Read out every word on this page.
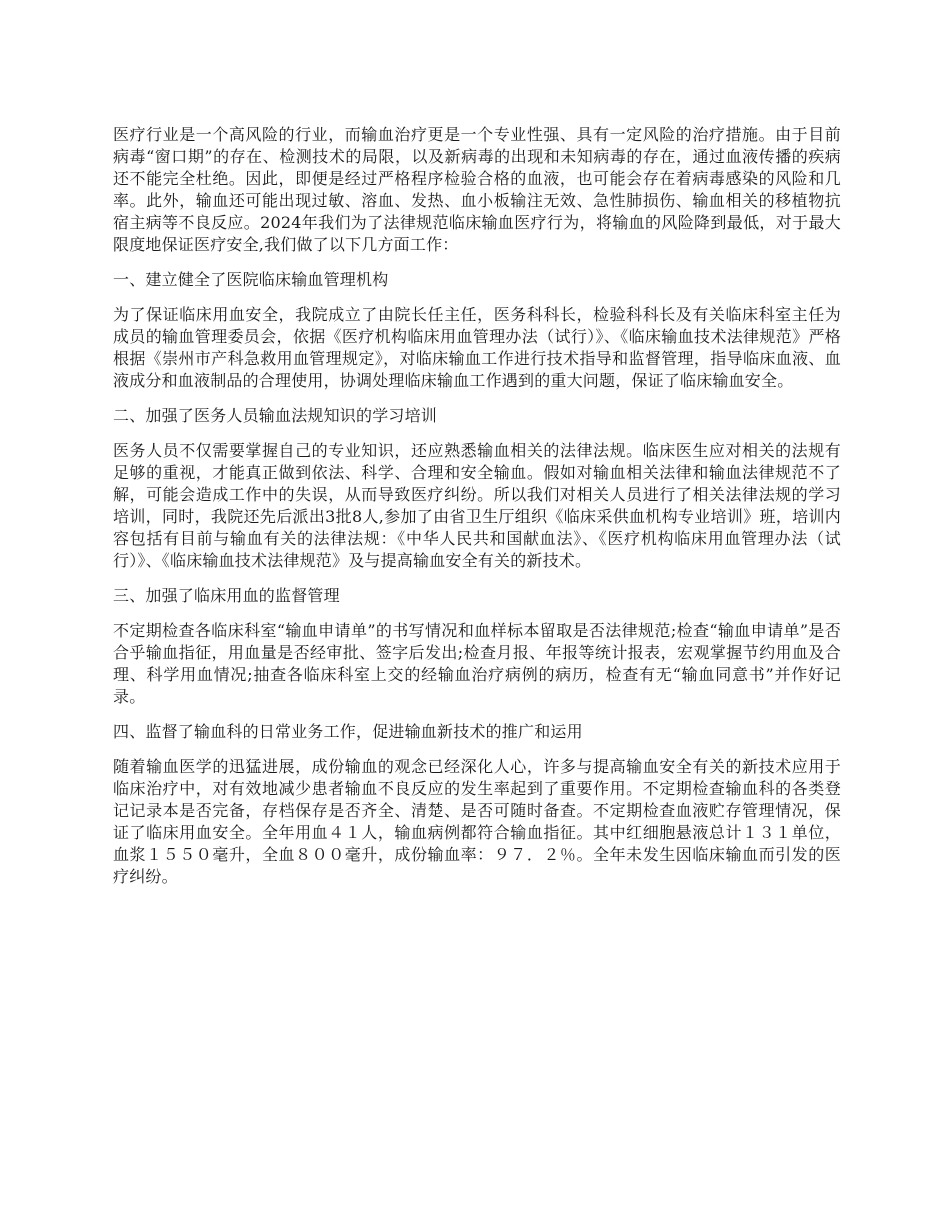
医疗行业是一个高风险的行业，而输血治疗更是一个专业性强、具有一定风险的治疗措施。由于目前病毒“窗口期”的存在、检测技术的局限，以及新病毒的出现和未知病毒的存在，通过血液传播的疾病还不能完全杜绝。因此，即便是经过严格程序检验合格的血液，也可能会存在着病毒感染的风险和几率。此外，输血还可能出现过敏、溶血、发热、血小板输注无效、急性肺损伤、输血相关的移植物抗宿主病等不良反应。2024年我们为了法律规范临床输血医疗行为，将输血的风险降到最低，对于最大限度地保证医疗安全,我们做了以下几方面工作：

一、建立健全了医院临床输血管理机构

为了保证临床用血安全，我院成立了由院长任主任，医务科科长，检验科科长及有关临床科室主任为成员的输血管理委员会，依据《医疗机构临床用血管理办法（试行）》、《临床输血技术法律规范》严格根据《崇州市产科急救用血管理规定》，对临床输血工作进行技术指导和监督管理，指导临床血液、血液成分和血液制品的合理使用，协调处理临床输血工作遇到的重大问题，保证了临床输血安全。

二、加强了医务人员输血法规知识的学习培训

医务人员不仅需要掌握自己的专业知识，还应熟悉输血相关的法律法规。临床医生应对相关的法规有足够的重视，才能真正做到依法、科学、合理和安全输血。假如对输血相关法律和输血法律规范不了解，可能会造成工作中的失误，从而导致医疗纠纷。所以我们对相关人员进行了相关法律法规的学习培训，同时，我院还先后派出3批8人,参加了由省卫生厅组织《临床采供血机构专业培训》班，培训内容包括有目前与输血有关的法律法规：《中华人民共和国献血法》、《医疗机构临床用血管理办法（试行）》、《临床输血技术法律规范》及与提高输血安全有关的新技术。

三、加强了临床用血的监督管理

不定期检查各临床科室“输血申请单”的书写情况和血样标本留取是否法律规范;检查“输血申请单”是否合乎输血指征，用血量是否经审批、签字后发出;检查月报、年报等统计报表，宏观掌握节约用血及合理、科学用血情况;抽查各临床科室上交的经输血治疗病例的病历，检查有无“输血同意书”并作好记录。

四、监督了输血科的日常业务工作，促进输血新技术的推广和运用

随着输血医学的迅猛进展，成份输血的观念已经深化人心，许多与提高输血安全有关的新技术应用于临床治疗中，对有效地减少患者输血不良反应的发生率起到了重要作用。不定期检查输血科的各类登记记录本是否完备，存档保存是否齐全、清楚、是否可随时备查。不定期检查血液贮存管理情况，保证了临床用血安全。全年用血４１人，输血病例都符合输血指征。其中红细胞悬液总计１３１单位，血浆１５５０毫升，全血８００毫升，成份输血率：９７．２％。全年未发生因临床输血而引发的医疗纠纷。
